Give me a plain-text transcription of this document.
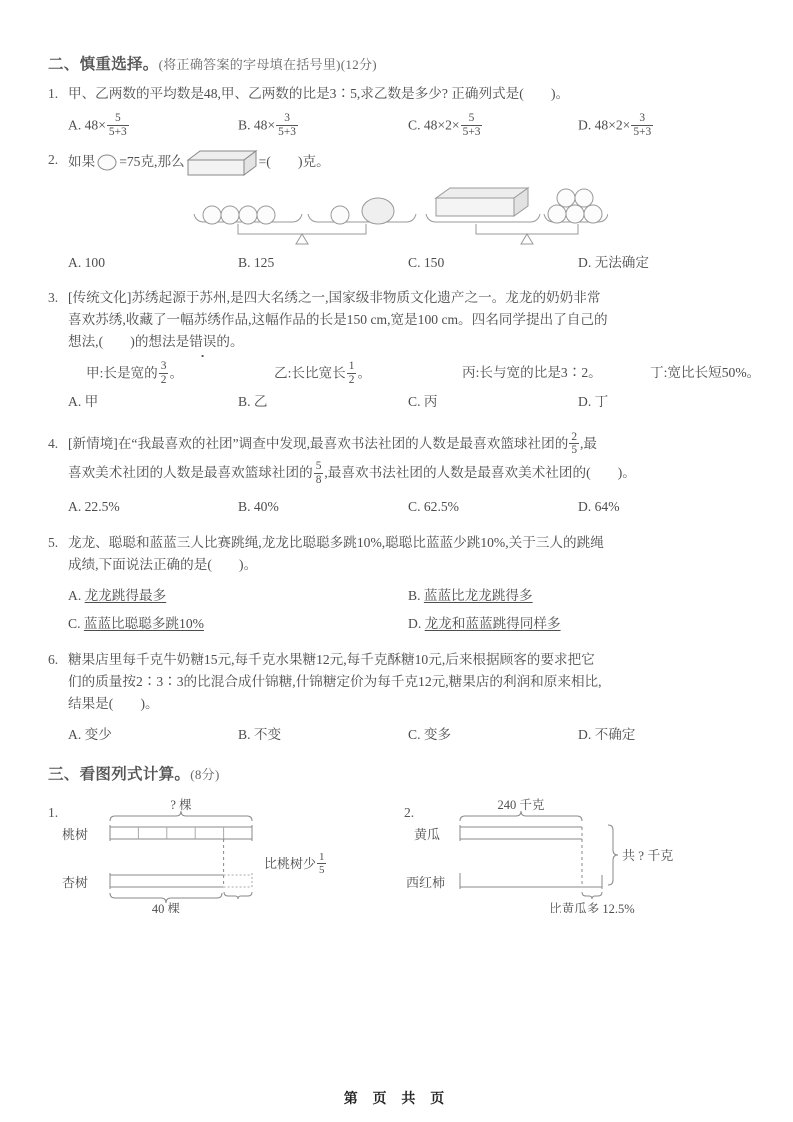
二、慎重选择。(将正确答案的字母填在括号里)(12分)
1. 甲、乙两数的平均数是48,甲、乙两数的比是3∶5,求乙数是多少? 正确列式是(　　)。
A. $48\times \frac{5}{5+3}$	B. $48\times \frac{3}{5+3}$	C. $48\times 2\times \frac{5}{5+3}$	D. $48\times 2\times \frac{3}{5+3}$
2. 如果 =75克,那么	=(　　)克。
A. 100	B. 125	C. 150	D. 无法确定
3. [传统文化]苏绣起源于苏州,是四大名绣之一,国家级非物质文化遗产之一。龙龙的奶奶非常
喜欢苏绣,收藏了一幅苏绣作品,这幅作品的长是150 cm,宽是100 cm。四名同学提出了自己的
想法,(　　)的想法是错误的。
甲:长是宽的 $\frac{3}{2}$ 。	乙:长比宽长 $\frac{1}{2}$ 。	丙:长与宽的比是3∶2。	丁:宽比长短50%。
A. 甲	B. 乙	C. 丙	D. 丁
4. [新情境]在“我最喜欢的社团”调查中发现,最喜欢书法社团的人数是最喜欢篮球社团的 $\frac{2}{5}$ ,最
喜欢美术社团的人数是最喜欢篮球社团的 $\frac{5}{8}$ ,最喜欢书法社团的人数是最喜欢美术社团的(　　)。
A. 22.5%	B. 40%	C. 62.5%	D. 64%
5. 龙龙、聪聪和蓝蓝三人比赛跳绳,龙龙比聪聪多跳10%,聪聪比蓝蓝少跳10%,关于三人的跳绳
成绩,下面说法正确的是(　　)。
A. 龙龙跳得最多	B. 蓝蓝比龙龙跳得多
C. 蓝蓝比聪聪多跳10%	D. 龙龙和蓝蓝跳得同样多
6. 糖果店里每千克牛奶糖15元,每千克水果糖12元,每千克酥糖10元,后来根据顾客的要求把它
们的质量按2∶3∶3的比混合成什锦糖,什锦糖定价为每千克12元,糖果店的利润和原来相比,
结果是(　　)。
A. 变少	B. 不变	C. 变多	D. 不确定
三、看图列式计算。(8分)
1.	? 棵
桃树
杏树
40 棵
比桃树少 $\frac{1}{5}$
2.	240 千克
黄瓜
西红柿
比黄瓜多 12.5%
共 ? 千克
第 页 共 页
